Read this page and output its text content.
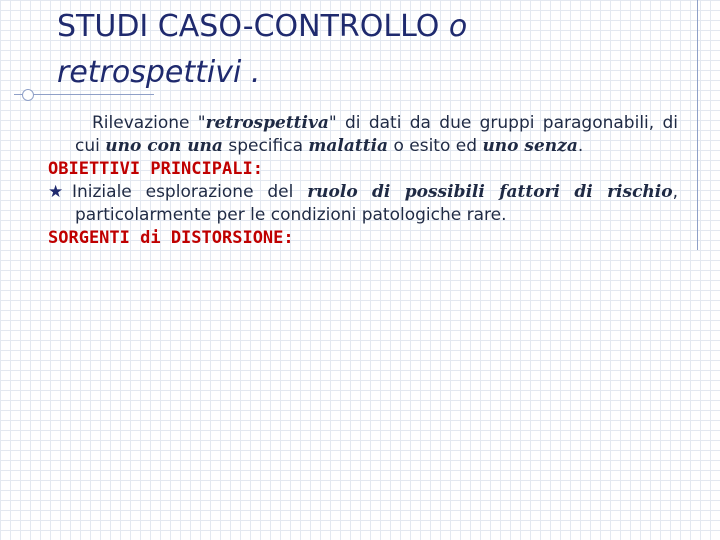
STUDI CASO-CONTROLLO o
retrospettivi .
Rilevazione "retrospettiva" di dati da due gruppi paragonabili, di cui uno con una specifica malattia o esito ed uno senza.
OBIETTIVI PRINCIPALI:
★ Iniziale esplorazione del ruolo di possibili fattori di rischio, particolarmente per le condizioni patologiche rare.
SORGENTI di DISTORSIONE:
